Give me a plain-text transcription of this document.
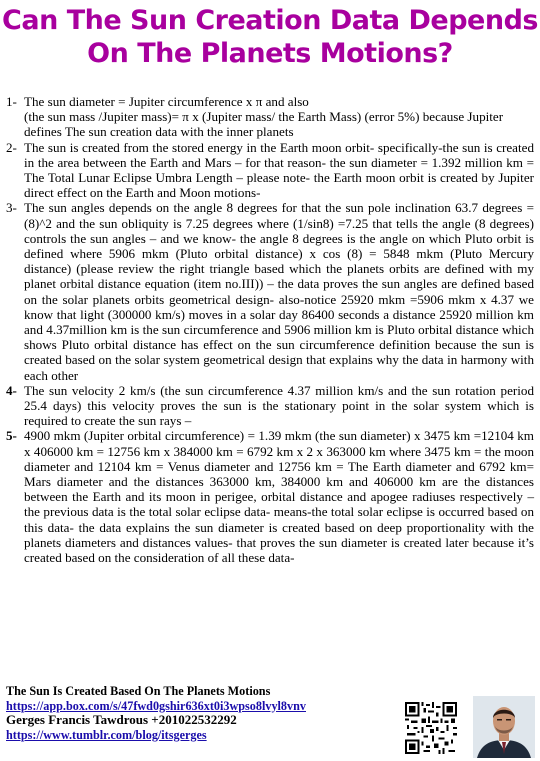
Can The Sun Creation Data Depends
On The Planets Motions?
1- The sun diameter = Jupiter circumference x π and also
(the sun mass /Jupiter mass)= π x (Jupiter mass/ the Earth Mass) (error 5%) because Jupiter defines The sun creation data with the inner planets
2- The sun is created from the stored energy in the Earth moon orbit- specifically-the sun is created in the area between the Earth and Mars – for that reason- the sun diameter = 1.392 million km = The Total Lunar Eclipse Umbra Length – please note- the Earth moon orbit is created by Jupiter direct effect on the Earth and Moon motions-
3- The sun angles depends on the angle 8 degrees for that the sun pole inclination 63.7 degrees =(8)^2 and the sun obliquity is 7.25 degrees where (1/sin8) =7.25 that tells the angle (8 degrees) controls the sun angles – and we know- the angle 8 degrees is the angle on which Pluto orbit is defined where 5906 mkm (Pluto orbital distance) x cos (8) = 5848 mkm (Pluto Mercury distance) (please review the right triangle based which the planets orbits are defined with my planet orbital distance equation (item no.III)) – the data proves the sun angles are defined based on the solar planets orbits geometrical design- also-notice 25920 mkm =5906 mkm x 4.37 we know that light (300000 km/s) moves in a solar day 86400 seconds a distance 25920 million km and 4.37million km is the sun circumference and 5906 million km is Pluto orbital distance which shows Pluto orbital distance has effect on the sun circumference definition because the sun is created based on the solar system geometrical design that explains why the data in harmony with each other
4- The sun velocity 2 km/s (the sun circumference 4.37 million km/s and the sun rotation period 25.4 days) this velocity proves the sun is the stationary point in the solar system which is required to create the sun rays –
5- 4900 mkm (Jupiter orbital circumference) = 1.39 mkm (the sun diameter) x 3475 km =12104 km x 406000 km = 12756 km x 384000 km = 6792 km x 2 x 363000 km where 3475 km = the moon diameter and 12104 km = Venus diameter and 12756 km = The Earth diameter and 6792 km= Mars diameter and the distances 363000 km, 384000 km and 406000 km are the distances between the Earth and its moon in perigee, orbital distance and apogee radiuses respectively – the previous data is the total solar eclipse data- means-the total solar eclipse is occurred based on this data- the data explains the sun diameter is created based on deep proportionality with the planets diameters and distances values- that proves the sun diameter is created later because it’s created based on the consideration of all these data-
The Sun Is Created Based On The Planets Motions
https://app.box.com/s/47fwd0gshir636xt0i3wpso8lvyl8vnv
Gerges Francis Tawdrous +201022532292
https://www.tumblr.com/blog/itsgerges
